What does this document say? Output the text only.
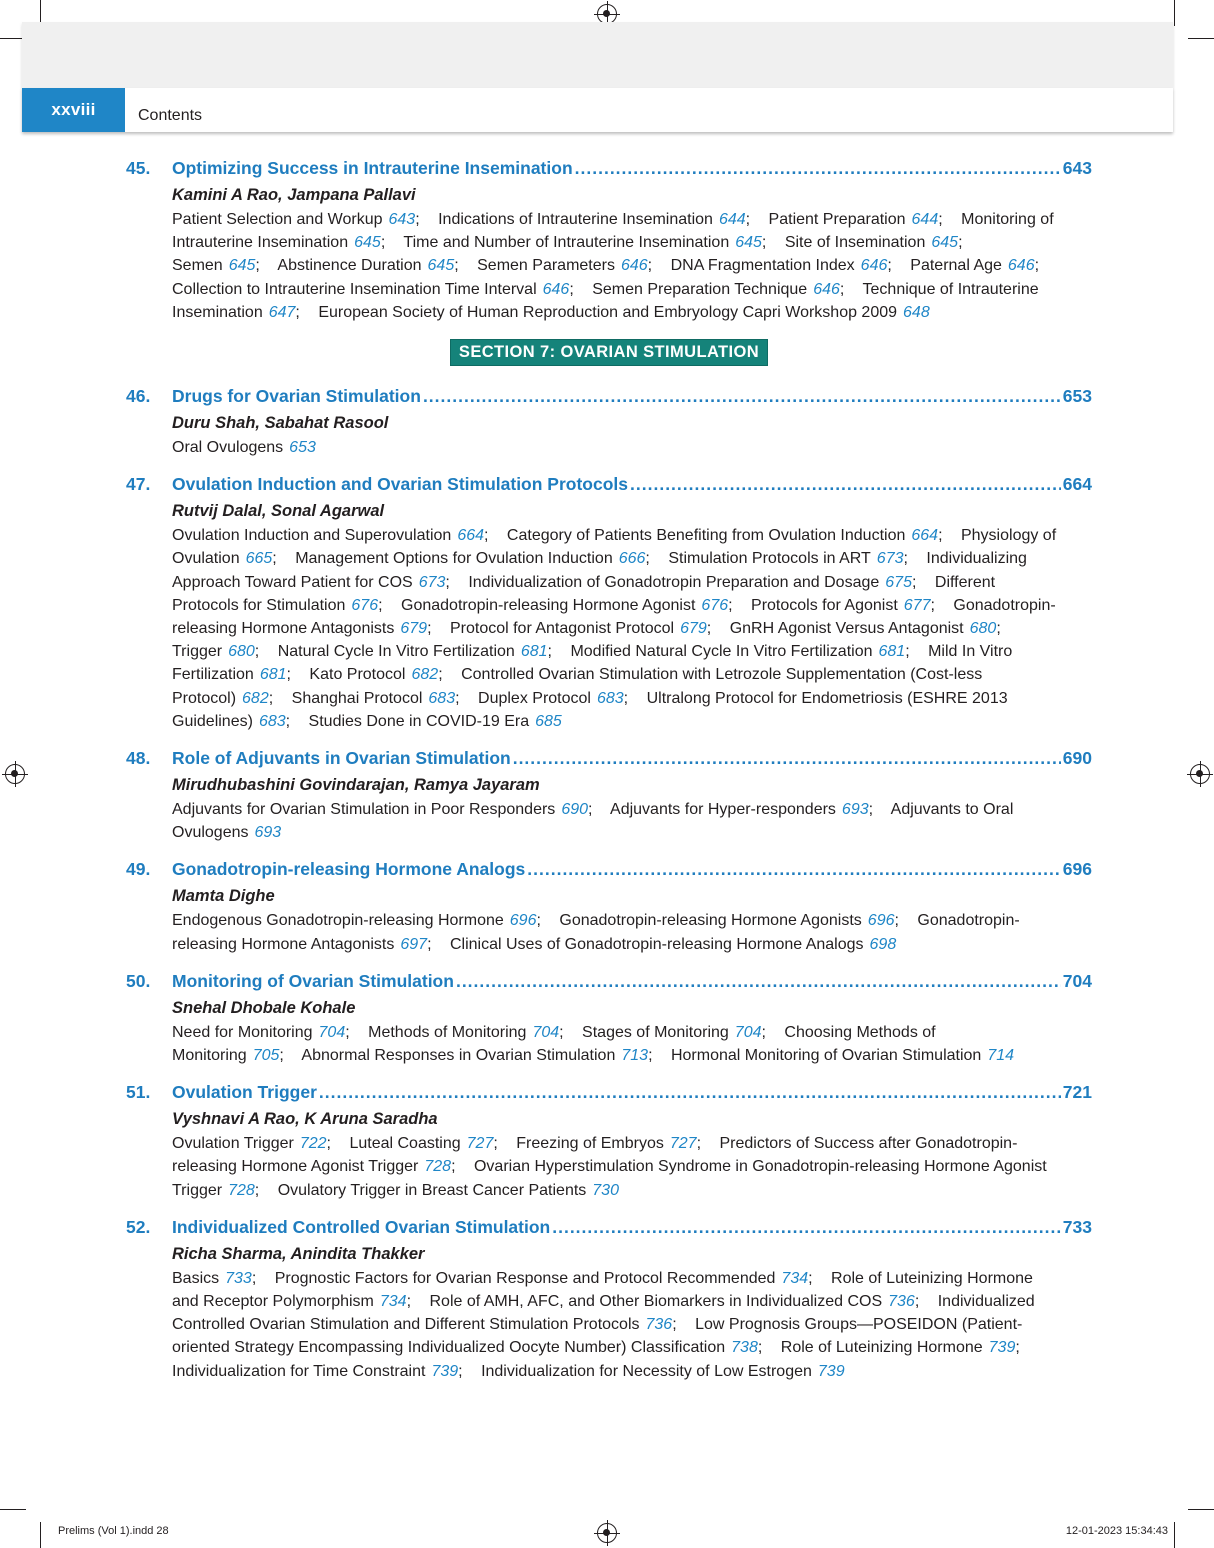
xxviii	Contents
45.	Optimizing Success in Intrauterine Insemination .....	643
Kamini A Rao, Jampana Pallavi
Patient Selection and Workup 643; Indications of Intrauterine Insemination 644; Patient Preparation 644; Monitoring of Intrauterine Insemination 645; Time and Number of Intrauterine Insemination 645; Site of Insemination 645; Semen 645; Abstinence Duration 645; Semen Parameters 646; DNA Fragmentation Index 646; Paternal Age 646; Collection to Intrauterine Insemination Time Interval 646; Semen Preparation Technique 646; Technique of Intrauterine Insemination 647; European Society of Human Reproduction and Embryology Capri Workshop 2009 648
SECTION 7: OVARIAN STIMULATION
46.	Drugs for Ovarian Stimulation .....	653
Duru Shah, Sabahat Rasool
Oral Ovulogens 653
47.	Ovulation Induction and Ovarian Stimulation Protocols .....	664
Rutvij Dalal, Sonal Agarwal
Ovulation Induction and Superovulation 664; Category of Patients Benefiting from Ovulation Induction 664; Physiology of Ovulation 665; Management Options for Ovulation Induction 666; Stimulation Protocols in ART 673; Individualizing Approach Toward Patient for COS 673; Individualization of Gonadotropin Preparation and Dosage 675; Different Protocols for Stimulation 676; Gonadotropin-releasing Hormone Agonist 676; Protocols for Agonist 677; Gonadotropin-releasing Hormone Antagonists 679; Protocol for Antagonist Protocol 679; GnRH Agonist Versus Antagonist 680; Trigger 680; Natural Cycle In Vitro Fertilization 681; Modified Natural Cycle In Vitro Fertilization 681; Mild In Vitro Fertilization 681; Kato Protocol 682; Controlled Ovarian Stimulation with Letrozole Supplementation (Cost-less Protocol) 682; Shanghai Protocol 683; Duplex Protocol 683; Ultralong Protocol for Endometriosis (ESHRE 2013 Guidelines) 683; Studies Done in COVID-19 Era 685
48.	Role of Adjuvants in Ovarian Stimulation .....	690
Mirudhubashini Govindarajan, Ramya Jayaram
Adjuvants for Ovarian Stimulation in Poor Responders 690; Adjuvants for Hyper-responders 693; Adjuvants to Oral Ovulogens 693
49.	Gonadotropin-releasing Hormone Analogs .....	696
Mamta Dighe
Endogenous Gonadotropin-releasing Hormone 696; Gonadotropin-releasing Hormone Agonists 696; Gonadotropin-releasing Hormone Antagonists 697; Clinical Uses of Gonadotropin-releasing Hormone Analogs 698
50.	Monitoring of Ovarian Stimulation .....	704
Snehal Dhobale Kohale
Need for Monitoring 704; Methods of Monitoring 704; Stages of Monitoring 704; Choosing Methods of Monitoring 705; Abnormal Responses in Ovarian Stimulation 713; Hormonal Monitoring of Ovarian Stimulation 714
51.	Ovulation Trigger .....	721
Vyshnavi A Rao, K Aruna Saradha
Ovulation Trigger 722; Luteal Coasting 727; Freezing of Embryos 727; Predictors of Success after Gonadotropin-releasing Hormone Agonist Trigger 728; Ovarian Hyperstimulation Syndrome in Gonadotropin-releasing Hormone Agonist Trigger 728; Ovulatory Trigger in Breast Cancer Patients 730
52.	Individualized Controlled Ovarian Stimulation .....	733
Richa Sharma, Anindita Thakker
Basics 733; Prognostic Factors for Ovarian Response and Protocol Recommended 734; Role of Luteinizing Hormone and Receptor Polymorphism 734; Role of AMH, AFC, and Other Biomarkers in Individualized COS 736; Individualized Controlled Ovarian Stimulation and Different Stimulation Protocols 736; Low Prognosis Groups—POSEIDON (Patient-oriented Strategy Encompassing Individualized Oocyte Number) Classification 738; Role of Luteinizing Hormone 739; Individualization for Time Constraint 739; Individualization for Necessity of Low Estrogen 739
Prelims (Vol 1).indd 28	12-01-2023 15:34:43
